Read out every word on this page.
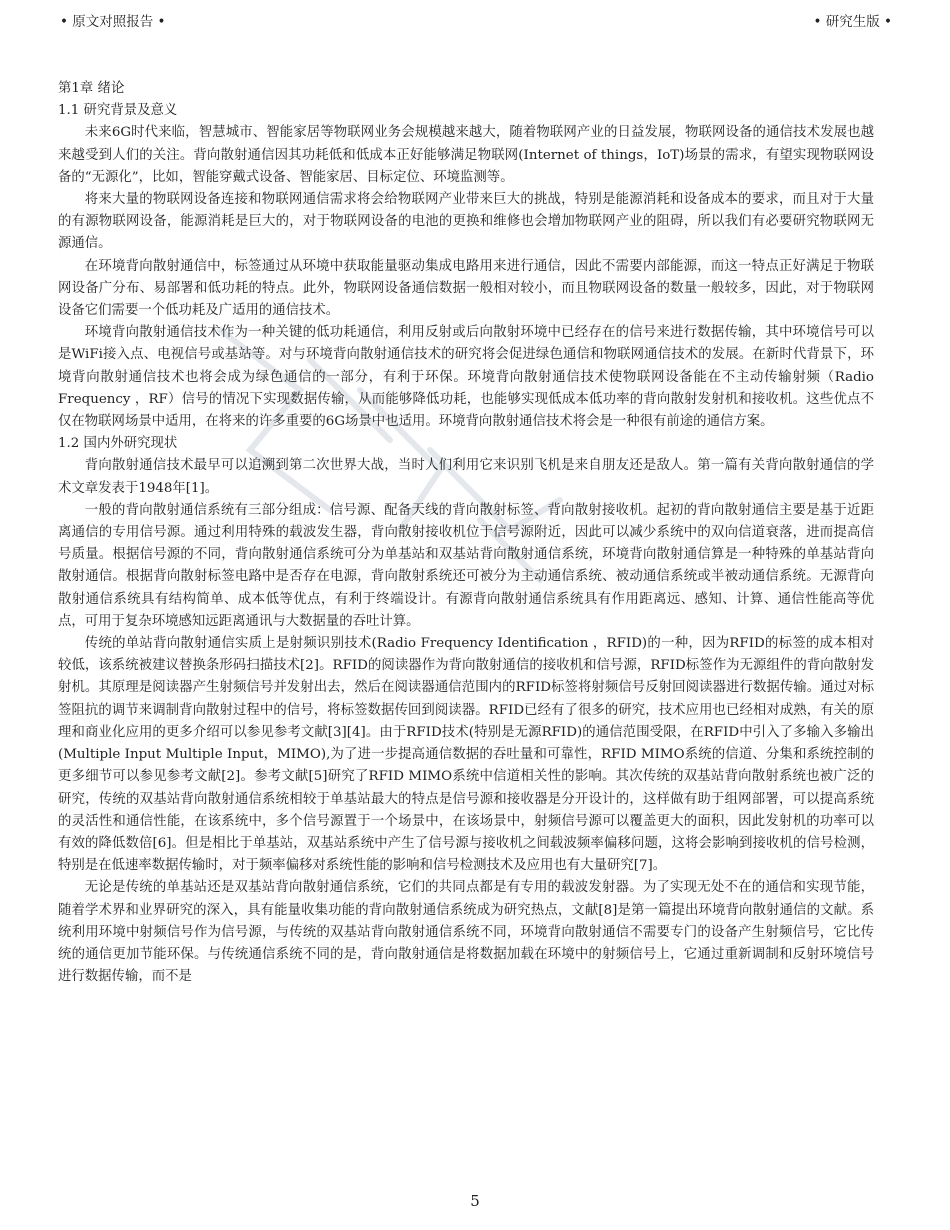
• 原文对照报告 •	• 研究生版 •

第1章 绪论

1.1 研究背景及意义

未来6G时代来临，智慧城市、智能家居等物联网业务会规模越来越大，随着物联网产业的日益发展，物联网设备的通信技术发展也越来越受到人们的关注。背向散射通信因其功耗低和低成本正好能够满足物联网(Internet of things，IoT)场景的需求，有望实现物联网设备的“无源化”，比如，智能穿戴式设备、智能家居、目标定位、环境监测等。

将来大量的物联网设备连接和物联网通信需求将会给物联网产业带来巨大的挑战，特别是能源消耗和设备成本的要求，而且对于大量的有源物联网设备，能源消耗是巨大的，对于物联网设备的电池的更换和维修也会增加物联网产业的阻碍，所以我们有必要研究物联网无源通信。

在环境背向散射通信中，标签通过从环境中获取能量驱动集成电路用来进行通信，因此不需要内部能源，而这一特点正好满足于物联网设备广分布、易部署和低功耗的特点。此外，物联网设备通信数据一般相对较小，而且物联网设备的数量一般较多，因此，对于物联网设备它们需要一个低功耗及广适用的通信技术。

环境背向散射通信技术作为一种关键的低功耗通信，利用反射或后向散射环境中已经存在的信号来进行数据传输，其中环境信号可以是WiFi接入点、电视信号或基站等。对与环境背向散射通信技术的研究将会促进绿色通信和物联网通信技术的发展。在新时代背景下，环境背向散射通信技术也将会成为绿色通信的一部分，有利于环保。环境背向散射通信技术使物联网设备能在不主动传输射频（Radio Frequency ，RF）信号的情况下实现数据传输，从而能够降低功耗，也能够实现低成本低功率的背向散射发射机和接收机。这些优点不仅在物联网场景中适用，在将来的许多重要的6G场景中也适用。环境背向散射通信技术将会是一种很有前途的通信方案。

1.2 国内外研究现状

背向散射通信技术最早可以追溯到第二次世界大战，当时人们利用它来识别飞机是来自朋友还是敌人。第一篇有关背向散射通信的学术文章发表于1948年[1]。

一般的背向散射通信系统有三部分组成：信号源、配备天线的背向散射标签、背向散射接收机。起初的背向散射通信主要是基于近距离通信的专用信号源。通过利用特殊的载波发生器，背向散射接收机位于信号源附近，因此可以减少系统中的双向信道衰落，进而提高信号质量。根据信号源的不同，背向散射通信系统可分为单基站和双基站背向散射通信系统，环境背向散射通信算是一种特殊的单基站背向散射通信。根据背向散射标签电路中是否存在电源，背向散射系统还可被分为主动通信系统、被动通信系统或半被动通信系统。无源背向散射通信系统具有结构简单、成本低等优点，有利于终端设计。有源背向散射通信系统具有作用距离远、感知、计算、通信性能高等优点，可用于复杂环境感知远距离通讯与大数据量的吞吐计算。

传统的单站背向散射通信实质上是射频识别技术(Radio Frequency Identification ，RFID)的一种，因为RFID的标签的成本相对较低，该系统被建议替换条形码扫描技术[2]。RFID的阅读器作为背向散射通信的接收机和信号源，RFID标签作为无源组件的背向散射发射机。其原理是阅读器产生射频信号并发射出去，然后在阅读器通信范围内的RFID标签将射频信号反射回阅读器进行数据传输。通过对标签阻抗的调节来调制背向散射过程中的信号，将标签数据传回到阅读器。RFID已经有了很多的研究，技术应用也已经相对成熟，有关的原理和商业化应用的更多介绍可以参见参考文献[3][4]。由于RFID技术(特别是无源RFID)的通信范围受限，在RFID中引入了多输入多输出(Multiple Input Multiple Input，MIMO),为了进一步提高通信数据的吞吐量和可靠性，RFID MIMO系统的信道、分集和系统控制的更多细节可以参见参考文献[2]。参考文献[5]研究了RFID MIMO系统中信道相关性的影响。其次传统的双基站背向散射系统也被广泛的研究，传统的双基站背向散射通信系统相较于单基站最大的特点是信号源和接收器是分开设计的，这样做有助于组网部署，可以提高系统的灵活性和通信性能，在该系统中，多个信号源置于一个场景中，在该场景中，射频信号源可以覆盖更大的面积，因此发射机的功率可以有效的降低数倍[6]。但是相比于单基站，双基站系统中产生了信号源与接收机之间载波频率偏移问题，这将会影响到接收机的信号检测，特别是在低速率数据传输时，对于频率偏移对系统性能的影响和信号检测技术及应用也有大量研究[7]。

无论是传统的单基站还是双基站背向散射通信系统，它们的共同点都是有专用的载波发射器。为了实现无处不在的通信和实现节能，随着学术界和业界研究的深入，具有能量收集功能的背向散射通信系统成为研究热点，文献[8]是第一篇提出环境背向散射通信的文献。系统利用环境中射频信号作为信号源，与传统的双基站背向散射通信系统不同，环境背向散射通信不需要专门的设备产生射频信号，它比传统的通信更加节能环保。与传统通信系统不同的是，背向散射通信是将数据加载在环境中的射频信号上，它通过重新调制和反射环境信号进行数据传输，而不是

5
